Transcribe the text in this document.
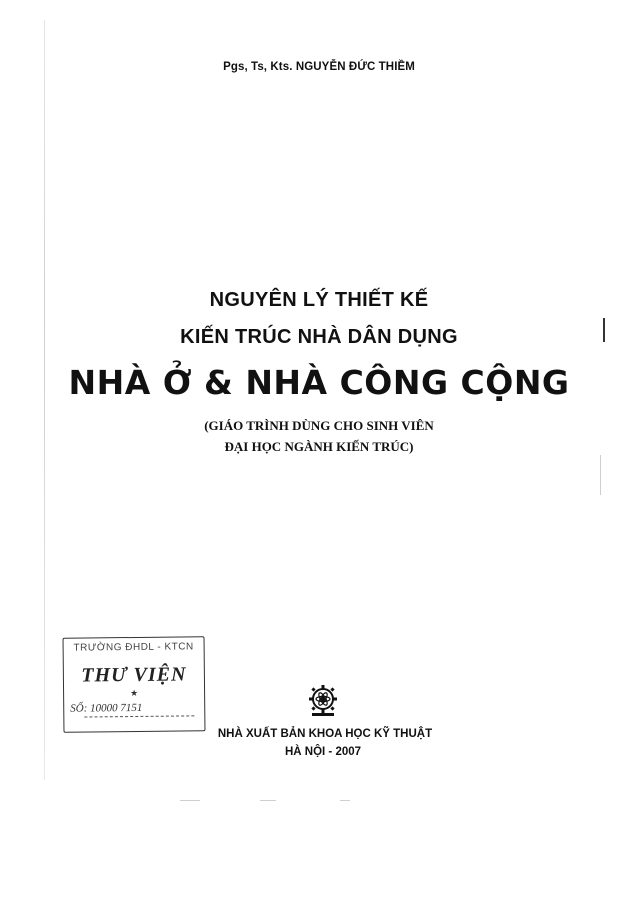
Pgs, Ts, Kts. NGUYỄN ĐỨC THIỀM
NGUYÊN LÝ THIẾT KẾ
KIẾN TRÚC NHÀ DÂN DỤNG
NHÀ Ở & NHÀ CÔNG CỘNG
(GIÁO TRÌNH DÙNG CHO SINH VIÊN
ĐẠI HỌC NGÀNH KIẾN TRÚC)
TRƯỜNG ĐHDL - KTCN
THƯ VIỆN
★
SỐ: 10000 7151
NHÀ XUẤT BẢN KHOA HỌC KỸ THUẬT
HÀ NỘI - 2007
